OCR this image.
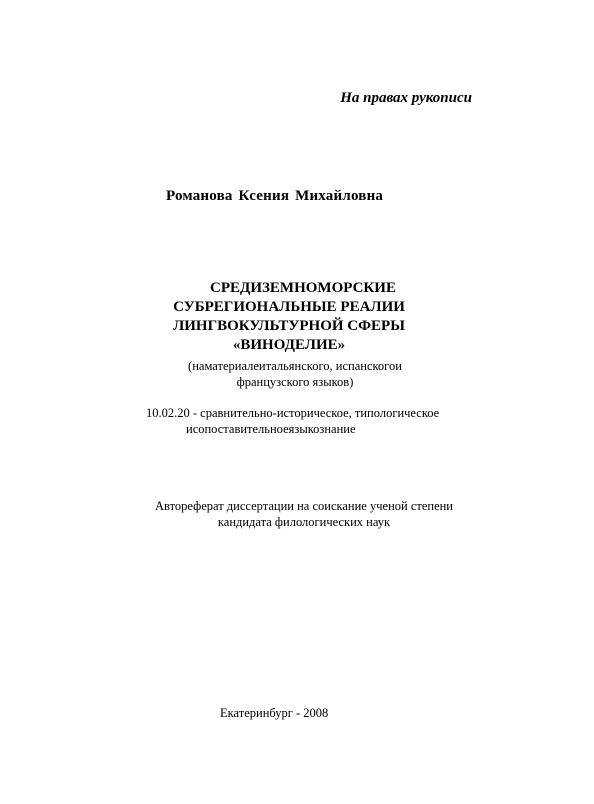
На правах рукописи
Романова Ксения Михайловна
СРЕДИЗЕМНОМОРСКИЕ
СУБРЕГИОНАЛЬНЫЕ РЕАЛИИ
ЛИНГВОКУЛЬТУРНОЙ СФЕРЫ
«ВИНОДЕЛИЕ»
(наматериалеитальянского, испанскогои
французского языков)
10.02.20 - сравнительно-историческое, типологическое
исопоставительноеязыкознание
Автореферат диссертации на соискание ученой степени
кандидата филологических наук
Екатеринбург - 2008
